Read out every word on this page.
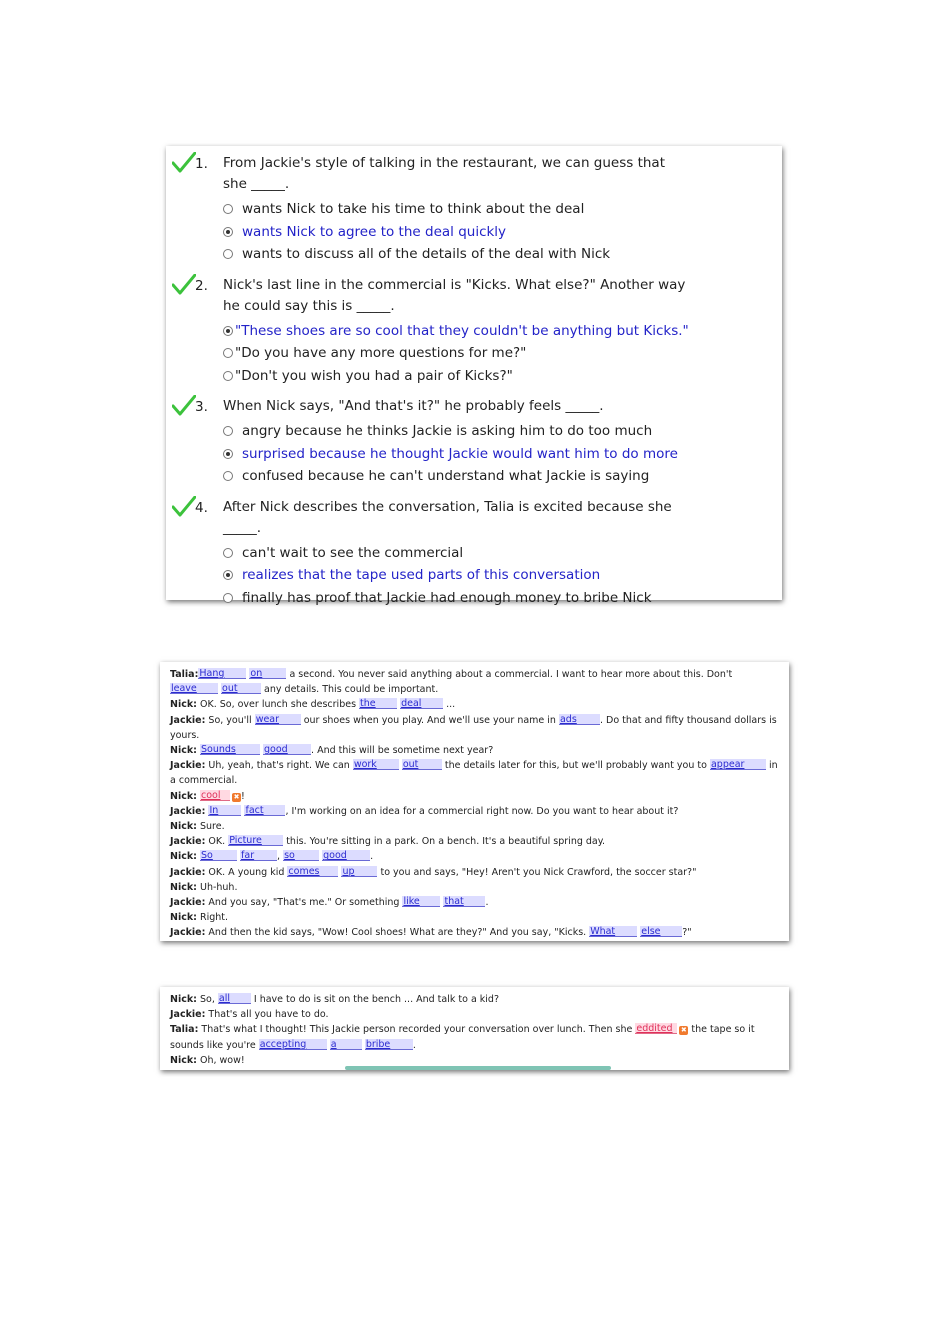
1. From Jackie's style of talking in the restaurant, we can guess that she _____.
wants Nick to take his time to think about the deal
wants Nick to agree to the deal quickly
wants to discuss all of the details of the deal with Nick
2. Nick's last line in the commercial is "Kicks. What else?" Another way he could say this is _____.
"These shoes are so cool that they couldn't be anything but Kicks."
"Do you have any more questions for me?"
"Don't you wish you had a pair of Kicks?"
3. When Nick says, "And that's it?" he probably feels _____.
angry because he thinks Jackie is asking him to do too much
surprised because he thought Jackie would want him to do more
confused because he can't understand what Jackie is saying
4. After Nick describes the conversation, Talia is excited because she _____.
can't wait to see the commercial
realizes that the tape used parts of this conversation
finally has proof that Jackie had enough money to bribe Nick
Talia:Hang	on	a second. You never said anything about a commercial. I want to hear more about this. Don't leave	out any details. This could be important.
Nick: OK. So, over lunch she describes the	deal ...
Jackie: So, you'll wear our shoes when you play. And we'll use your name in ads . Do that and fifty thousand dollars is yours.
Nick: Sounds	good . And this will be sometime next year?
Jackie: Uh, yeah, that's right. We can work	out the details later for this, but we'll probably want you to appear in a commercial.
Nick: cool ✖ !
Jackie: In	fact , I'm working on an idea for a commercial right now. Do you want to hear about it?
Nick: Sure.
Jackie: OK. Picture this. You're sitting in a park. On a bench. It's a beautiful spring day.
Nick: So	far , so	good .
Jackie: OK. A young kid comes up to you and says, "Hey! Aren't you Nick Crawford, the soccer star?"
Nick: Uh-huh.
Jackie: And you say, "That's me." Or something like	that .
Nick: Right.
Jackie: And then the kid says, "Wow! Cool shoes! What are they?" And you say, "Kicks. What	else ?"
Nick: So, all I have to do is sit on the bench ... And talk to a kid?
Jackie: That's all you have to do.
Talia: That's what I thought! This Jackie person recorded your conversation over lunch. Then she eddited ✖ the tape so it sounds like you're accepting	a	bribe .
Nick: Oh, wow!
